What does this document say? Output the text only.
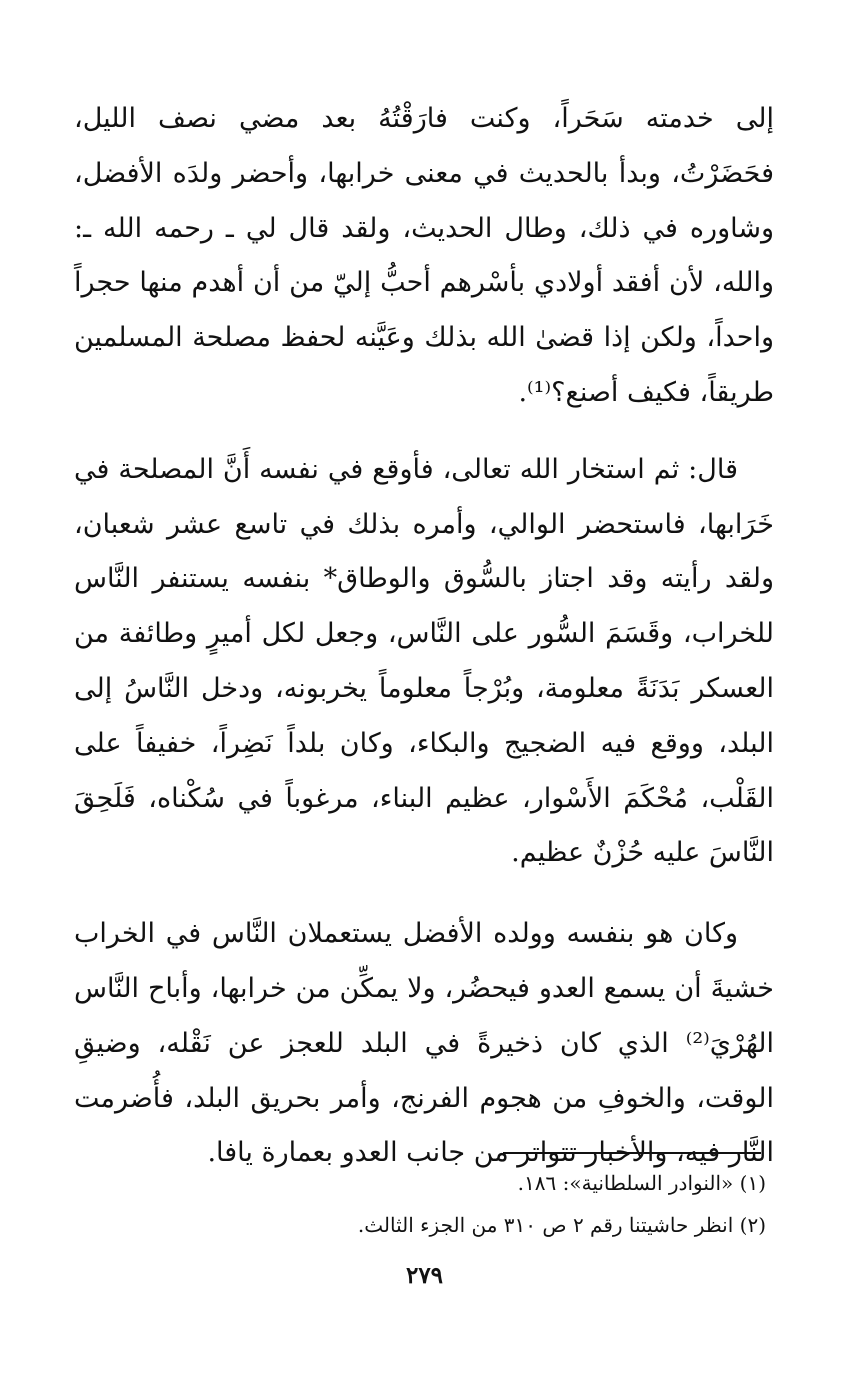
إلى خدمته سَحَراً، وكنت فارَقْتُهُ بعد مضي نصف الليل، فحَضَرْتُ، وبدأ بالحديث في معنى خرابها، وأحضر ولدَه الأفضل، وشاوره في ذلك، وطال الحديث، ولقد قال لي ـ رحمه الله ـ: والله، لأن أفقد أولادي بأسْرهم أحبُّ إليّ من أن أهدم منها حجراً واحداً، ولكن إذا قضىٰ الله بذلك وعَيَّنه لحفظ مصلحة المسلمين طريقاً، فكيف أصنع؟⁽¹⁾.

قال: ثم استخار الله تعالى، فأوقع في نفسه أَنَّ المصلحة في خَرَابها، فاستحضر الوالي، وأمره بذلك في تاسع عشر شعبان، ولقد رأيته وقد اجتاز بالسُّوق والوطاق* بنفسه يستنفر النَّاس للخراب، وقَسَمَ السُّور على النَّاس، وجعل لكل أميرٍ وطائفة من العسكر بَدَنَةً معلومة، وبُرْجاً معلوماً يخربونه، ودخل النَّاسُ إلى البلد، ووقع فيه الضجيج والبكاء، وكان بلداً نَضِراً، خفيفاً على القَلْب، مُحْكَمَ الأَسْوار، عظيم البناء، مرغوباً في سُكْناه، فَلَحِقَ النَّاسَ عليه حُزْنٌ عظيم.

وكان هو بنفسه وولده الأفضل يستعملان النَّاس في الخراب خشيةَ أن يسمع العدو فيحضُر، ولا يمكِّن من خرابها، وأباح النَّاس الهُرْيَ⁽²⁾ الذي كان ذخيرةً في البلد للعجز عن نَقْله، وضيقِ الوقت، والخوفِ من هجوم الفرنج، وأمر بحريق البلد، فأُضرمت النَّار فيه، والأخبار تتواتر من جانب العدو بعمارة يافا.

(١) «النوادر السلطانية»: ١٨٦.

(٢) انظر حاشيتنا رقم ٢ ص ٣١٠ من الجزء الثالث.

٢٧٩
